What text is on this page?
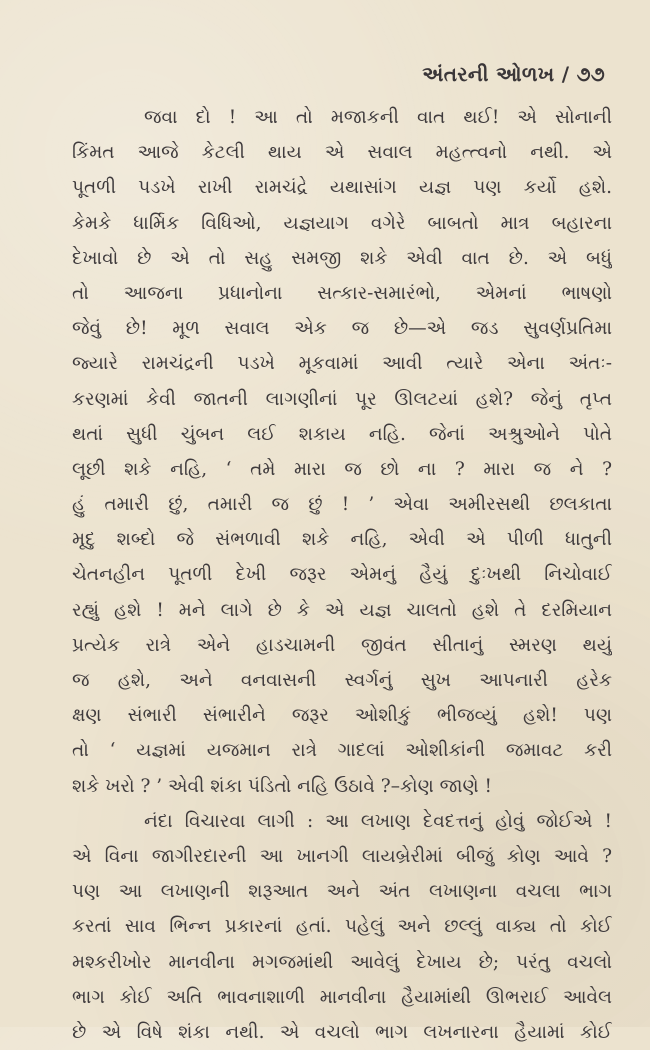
અંતરની ઓળખ / ૭૭
જવા દો ! આ તો મજાકની વાત થઈ! એ સોનાની
કિંમત આજે કેટલી થાય એ સવાલ મહત્ત્વનો નથી. એ
પૂતળી પડખે રાખી રામચંદ્રે યથાસાંગ યજ્ઞ પણ કર્યો હશે.
કેમકે ધાર્મિક વિધિઓ, યજ્ઞયાગ વગેરે બાબતો માત્ર બહારના
દેખાવો છે એ તો સહુ સમજી શકે એવી વાત છે. એ બધું
તો આજના પ્રધાનોના સત્કાર-સમારંભો, એમનાં ભાષણો
જેવું છે! મૂળ સવાલ એક જ છે—એ જડ સુવર્ણપ્રતિમા
જ્યારે રામચંદ્રની પડખે મૂકવામાં આવી ત્યારે એના અંતઃ-
કરણમાં કેવી જાતની લાગણીનાં પૂર ઊલટયાં હશે? જેનું તૃપ્ત
થતાં સુધી ચુંબન લઈ શકાય નહિ. જેનાં અશ્રુઓને પોતે
લૂછી શકે નહિ, ‘ તમે મારા જ છો ના ? મારા જ ને ?
હું તમારી છું, તમારી જ છું ! ’ એવા અમીરસથી છલકાતા
મૃદુ શબ્દો જે સંભળાવી શકે નહિ, એવી એ પીળી ધાતુની
ચેતનહીન પૂતળી દેખી જરૂર એમનું હૈયું દુઃખથી નિચોવાઈ
રહ્યું હશે ! મને લાગે છે કે એ યજ્ઞ ચાલતો હશે તે દરમિયાન
પ્રત્યેક રાત્રે એને હાડચામની જીવંત સીતાનું સ્મરણ થયું
જ હશે, અને વનવાસની સ્વર્ગનું સુખ આપનારી હરેક
ક્ષણ સંભારી સંભારીને જરૂર ઓશીકું ભીજવ્યું હશે! પણ
તો ‘ યજ્ઞમાં યજમાન રાત્રે ગાદલાં ઓશીકાંની જમાવટ કરી
શકે ખરો ? ’ એવી શંકા પંડિતો નહિ ઉઠાવે ?–કોણ જાણે !
નંદા વિચારવા લાગી : આ લખાણ દેવદત્તનું હોવું જોઈએ !
એ વિના જાગીરદારની આ ખાનગી લાયબ્રેરીમાં બીજું કોણ આવે ?
પણ આ લખાણની શરૂઆત અને અંત લખાણના વચલા ભાગ
કરતાં સાવ ભિન્ન પ્રકારનાં હતાં. પહેલું અને છલ્લું વાક્ય તો કોઈ
મશ્કરીખોર માનવીના મગજમાંથી આવેલું દેખાય છે; પરંતુ વચલો
ભાગ કોઈ અતિ ભાવનાશાળી માનવીના હૈયામાંથી ઊભરાઈ આવેલ
છે એ વિષે શંકા નથી. એ વચલો ભાગ લખનારના હૈયામાં કોઈ
